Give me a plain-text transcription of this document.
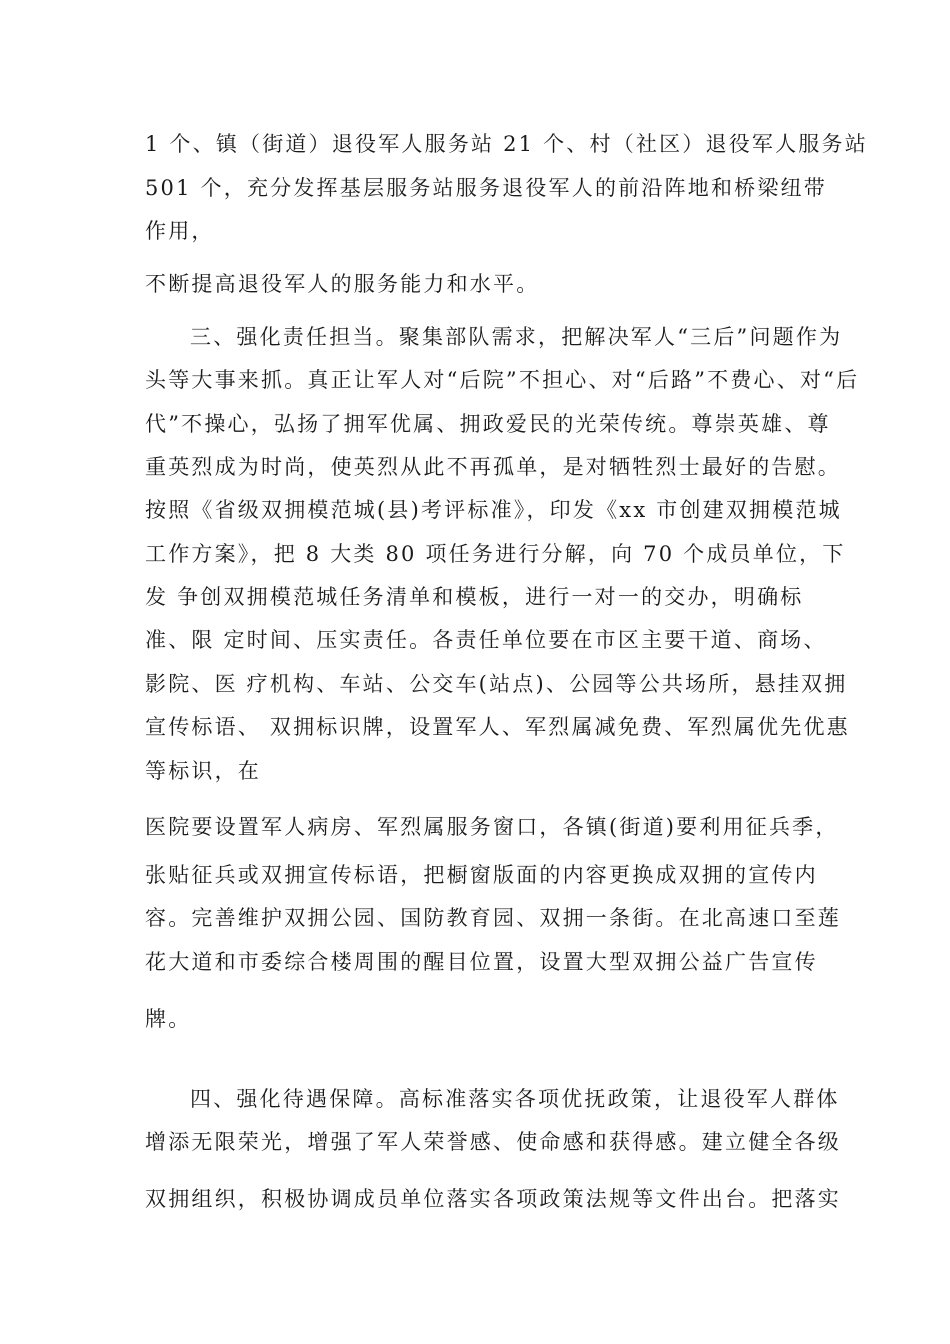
1 个、镇（街道）退役军人服务站 21 个、村（社区）退役军人服务站
501 个，充分发挥基层服务站服务退役军人的前沿阵地和桥梁纽带
作用，
不断提高退役军人的服务能力和水平。
三、强化责任担当。聚集部队需求，把解决军人“三后”问题作为
头等大事来抓。真正让军人对“后院”不担心、对“后路”不费心、对“后
代”不操心，弘扬了拥军优属、拥政爱民的光荣传统。尊崇英雄、尊
重英烈成为时尚，使英烈从此不再孤单，是对牺牲烈士最好的告慰。
按照《省级双拥模范城(县)考评标准》，印发《xx 市创建双拥模范城
工作方案》，把 8 大类 80 项任务进行分解，向 70 个成员单位，下
发 争创双拥模范城任务清单和模板，进行一对一的交办，明确标
准、限 定时间、压实责任。各责任单位要在市区主要干道、商场、
影院、医 疗机构、车站、公交车(站点)、公园等公共场所，悬挂双拥
宣传标语、 双拥标识牌，设置军人、军烈属减免费、军烈属优先优惠
等标识，在
医院要设置军人病房、军烈属服务窗口，各镇(街道)要利用征兵季，
张贴征兵或双拥宣传标语，把橱窗版面的内容更换成双拥的宣传内
容。完善维护双拥公园、国防教育园、双拥一条街。在北高速口至莲
花大道和市委综合楼周围的醒目位置，设置大型双拥公益广告宣传
牌。
四、强化待遇保障。高标准落实各项优抚政策，让退役军人群体
增添无限荣光，增强了军人荣誉感、使命感和获得感。建立健全各级
双拥组织，积极协调成员单位落实各项政策法规等文件出台。把落实
